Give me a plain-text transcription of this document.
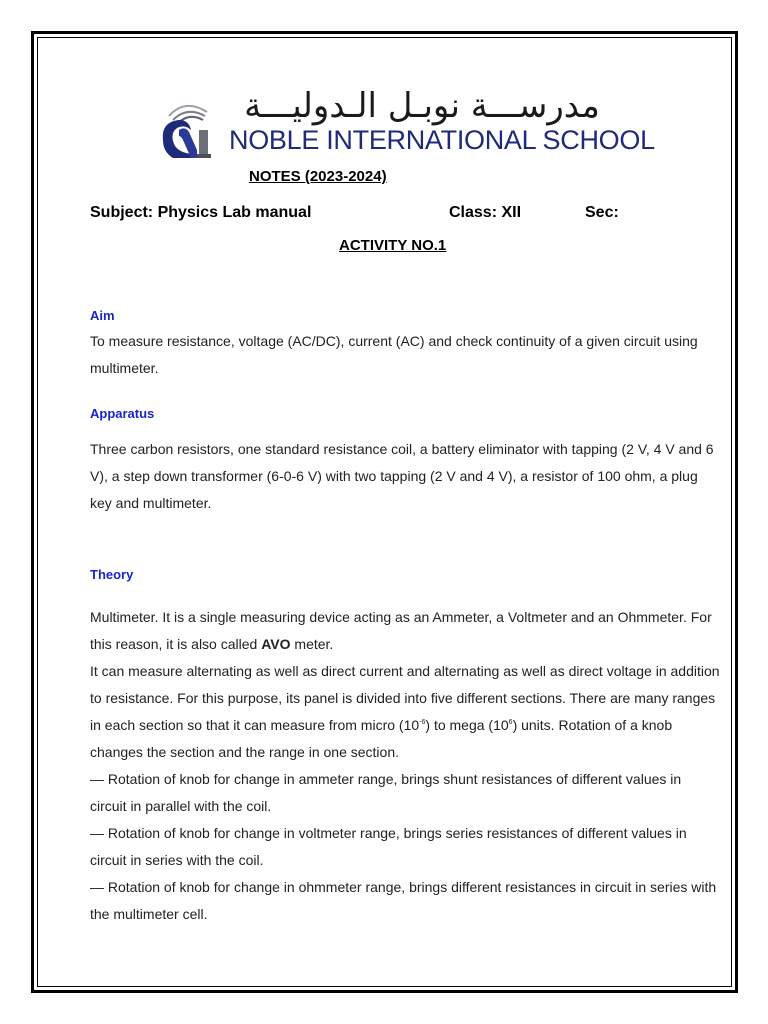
مدرســـة نوبـل الـدوليـــة
NOBLE INTERNATIONAL SCHOOL
NOTES (2023-2024)
Subject: Physics Lab manual	Class: XII	Sec:
ACTIVITY NO.1
Aim
To measure resistance, voltage (AC/DC), current (AC) and check continuity of a given circuit using multimeter.
Apparatus
Three carbon resistors, one standard resistance coil, a battery eliminator with tapping (2 V, 4 V and 6 V), a step down transformer (6-0-6 V) with two tapping (2 V and 4 V), a resistor of 100 ohm, a plug key and multimeter.
Theory

Multimeter. It is a single measuring device acting as an Ammeter, a Voltmeter and an Ohmmeter. For this reason, it is also called AVO meter.

It can measure alternating as well as direct current and alternating as well as direct voltage in addition to resistance. For this purpose, its panel is divided into five different sections. There are many ranges in each section so that it can measure from micro $(10^{-6})$ to mega $(10^6)$ units. Rotation of a knob changes the section and the range in one section.

— Rotation of knob for change in ammeter range, brings shunt resistances of different values in circuit in parallel with the coil.

— Rotation of knob for change in voltmeter range, brings series resistances of different values in circuit in series with the coil.

— Rotation of knob for change in ohmmeter range, brings different resistances in circuit in series with the multimeter cell.
